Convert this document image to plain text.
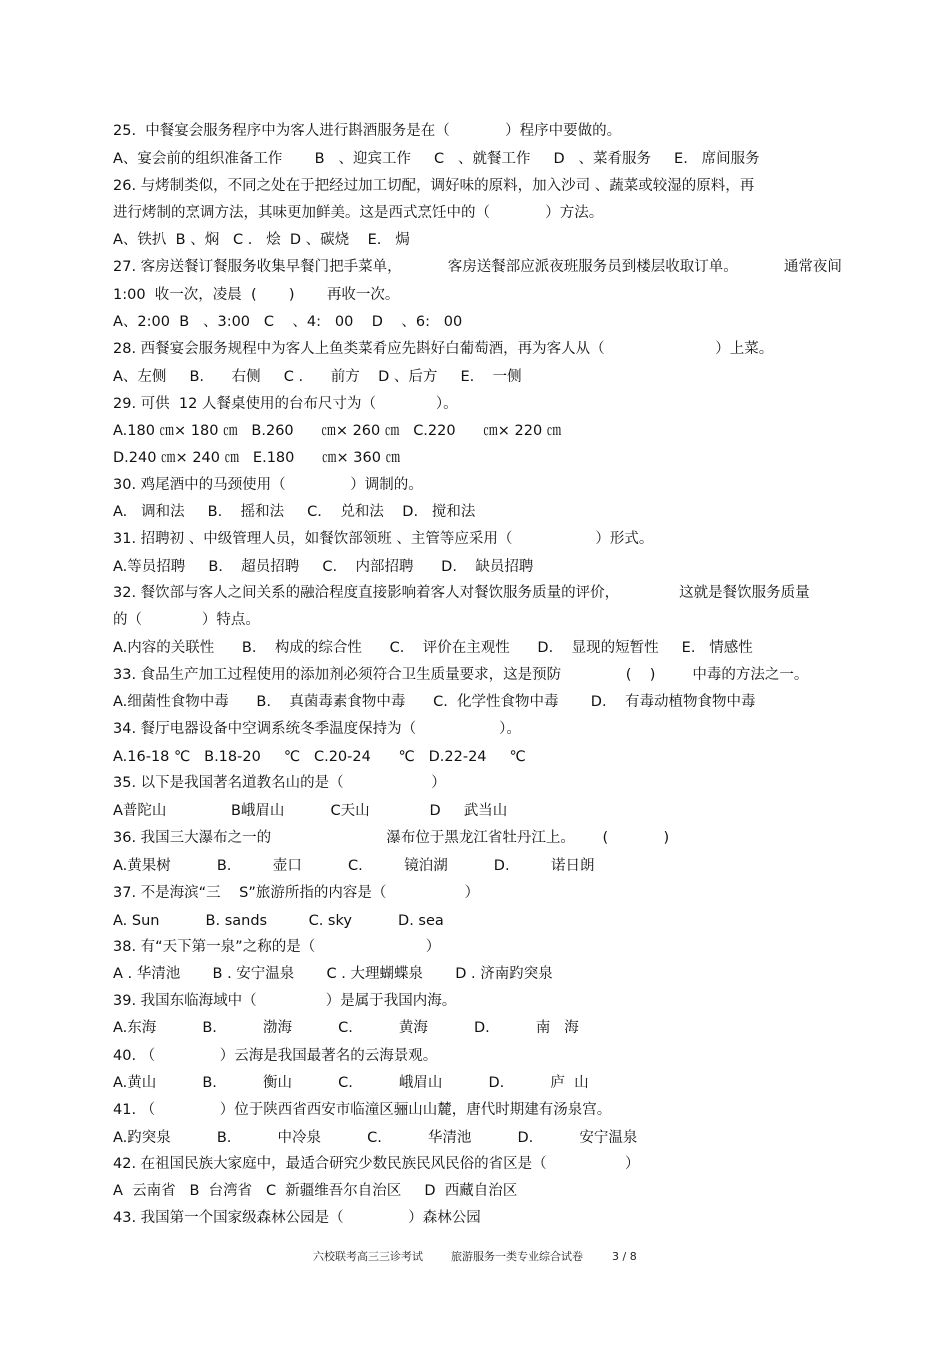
25.  中餐宴会服务程序中为客人进行斟酒服务是在（            ）程序中要做的。
A、宴会前的组织准备工作       B   、迎宾工作     C   、就餐工作     D   、菜肴服务     E.   席间服务
26. 与烤制类似，不同之处在于把经过加工切配，调好味的原料，加入沙司 、蔬菜或较湿的原料，再
进行烤制的烹调方法，其味更加鲜美。这是西式烹饪中的（            ）方法。
A、铁扒  B 、焖   C .   烩  D 、碳烧    E.   焗
27. 客房送餐订餐服务收集早餐门把手菜单，          客房送餐部应派夜班服务员到楼层收取订单。          通常夜间
1:00  收一次，凌晨  (       )       再收一次。
A、2:00  B   、3:00   C    、4:   00    D    、6:   00
28. 西餐宴会服务规程中为客人上鱼类菜肴应先斟好白葡萄酒，再为客人从（                        ）上菜。
A、左侧     B.      右侧     C .      前方    D 、后方     E.    一侧
29. 可供  12 人餐桌使用的台布尺寸为（             ）。
A.180 ㎝× 180 ㎝   B.260      ㎝× 260 ㎝   C.220      ㎝× 220 ㎝
D.240 ㎝× 240 ㎝   E.180      ㎝× 360 ㎝
30. 鸡尾酒中的马颈使用（              ）调制的。
A.   调和法     B.    摇和法     C.    兑和法    D.   搅和法
31. 招聘初 、中级管理人员，如餐饮部领班 、主管等应采用（                  ）形式。
A.等员招聘     B.    超员招聘     C.    内部招聘      D.    缺员招聘
32. 餐饮部与客人之间关系的融洽程度直接影响着客人对餐饮服务质量的评价，             这就是餐饮服务质量
的（             ）特点。
A.内容的关联性      B.    构成的综合性      C.    评价在主观性      D.    显现的短暂性     E.   情感性
33. 食品生产加工过程使用的添加剂必须符合卫生质量要求，这是预防              (    )        中毒的方法之一。
A.细菌性食物中毒      B.    真菌毒素食物中毒      C.  化学性食物中毒       D.    有毒动植物食物中毒
34. 餐厅电器设备中空调系统冬季温度保持为（                  ）。
A.16-18 ℃   B.18-20     ℃   C.20-24      ℃   D.22-24     ℃
35. 以下是我国著名道教名山的是（                   ）
A普陀山              B峨眉山          C天山             D     武当山
36. 我国三大瀑布之一的                         瀑布位于黑龙江省牡丹江上。      (            )
A.黄果树          B.         壶口          C.         镜泊湖          D.         诺日朗
37. 不是海滨“三    S”旅游所指的内容是（                 ）
A. Sun          B. sands         C. sky          D. sea
38. 有“天下第一泉”之称的是（                        ）
A . 华清池       B . 安宁温泉       C . 大理蝴蝶泉       D . 济南趵突泉
39. 我国东临海域中（               ）是属于我国内海。
A.东海          B.          渤海          C.          黄海          D.          南   海
40. （              ）云海是我国最著名的云海景观。
A.黄山          B.          衡山          C.          峨眉山          D.          庐  山
41. （              ）位于陕西省西安市临潼区骊山山麓，唐代时期建有汤泉宫。
A.趵突泉          B.          中冷泉          C.          华清池          D.          安宁温泉
42. 在祖国民族大家庭中，最适合研究少数民族民风民俗的省区是（                 ）
A  云南省   B  台湾省   C  新疆维吾尔自治区     D  西藏自治区
43. 我国第一个国家级森林公园是（              ）森林公园
六校联考高三三诊考试	旅游服务一类专业综合试卷	3 / 8
